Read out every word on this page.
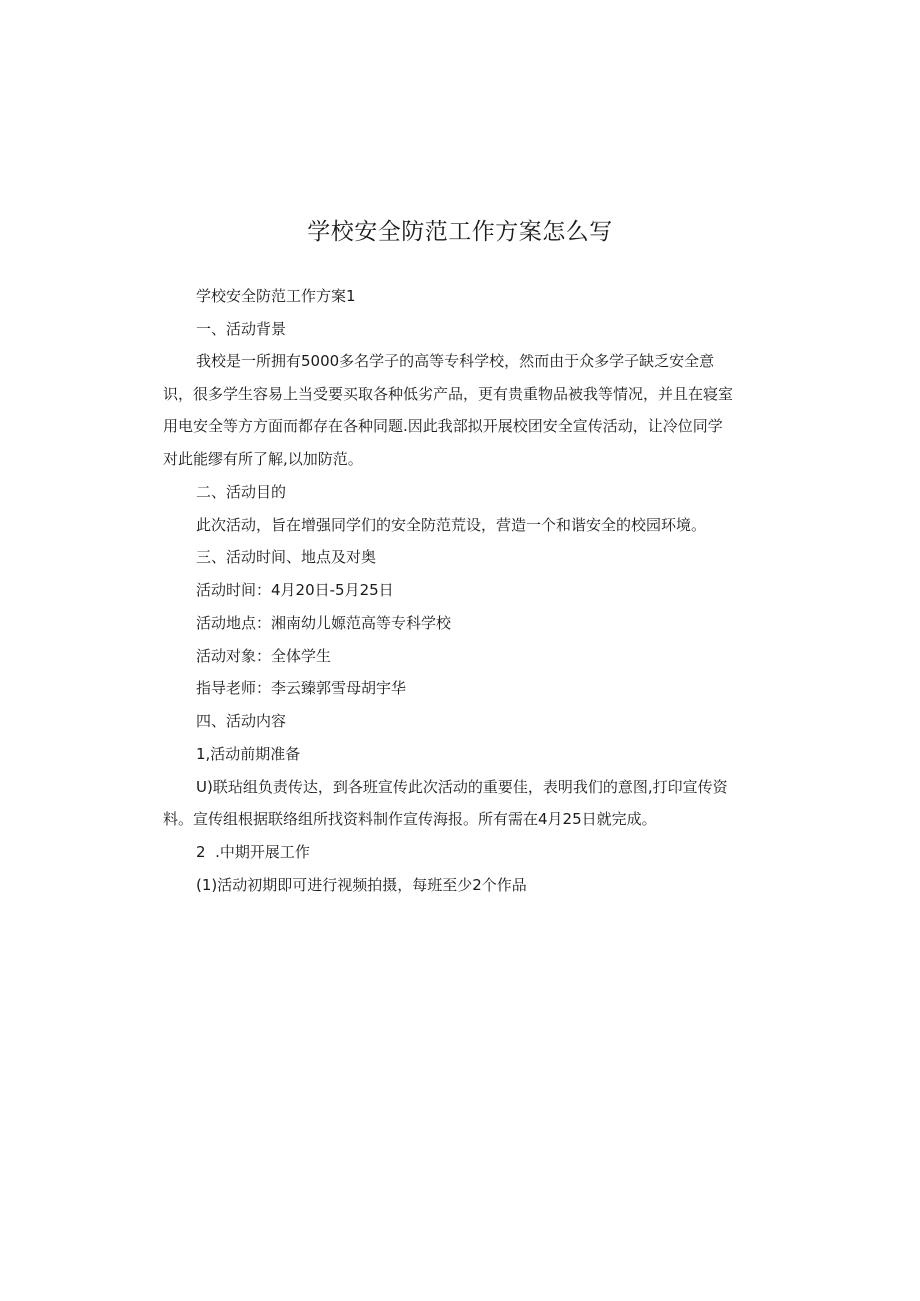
学校安全防范工作方案怎么写
学校安全防范工作方案1
一、活动背景
我校是一所拥有5000多名学子的高等专科学校，然而由于众多学子缺乏安全意
识，很多学生容易上当受要买取各种低劣产品，更有贵重物品被我等情况，并且在寝室
用电安全等方方面而都存在各种同题.因此我部拟开展校团安全宣传活动，让冷位同学
对此能缪有所了解,以加防范。
二、活动目的
此次活动，旨在增强同学们的安全防范荒设，营造一个和谐安全的校园环境。
三、活动时间、地点及对奥
活动时间：4月20日-5月25日
活动地点：湘南幼儿嫄范高等专科学校
活动对象：全体学生
指导老师：李云臻郭雪母胡宇华
四、活动内容
1,活动前期准备
U)联玷组负责传达，到各班宣传此次活动的重要佳，表明我们的意图,打印宣传资
料。宣传组根据联络组所找资料制作宣传海报。所有需在4月25日就完成。
2  .中期开展工作
(1)活动初期即可进行视频拍摄，每班至少2个作品
